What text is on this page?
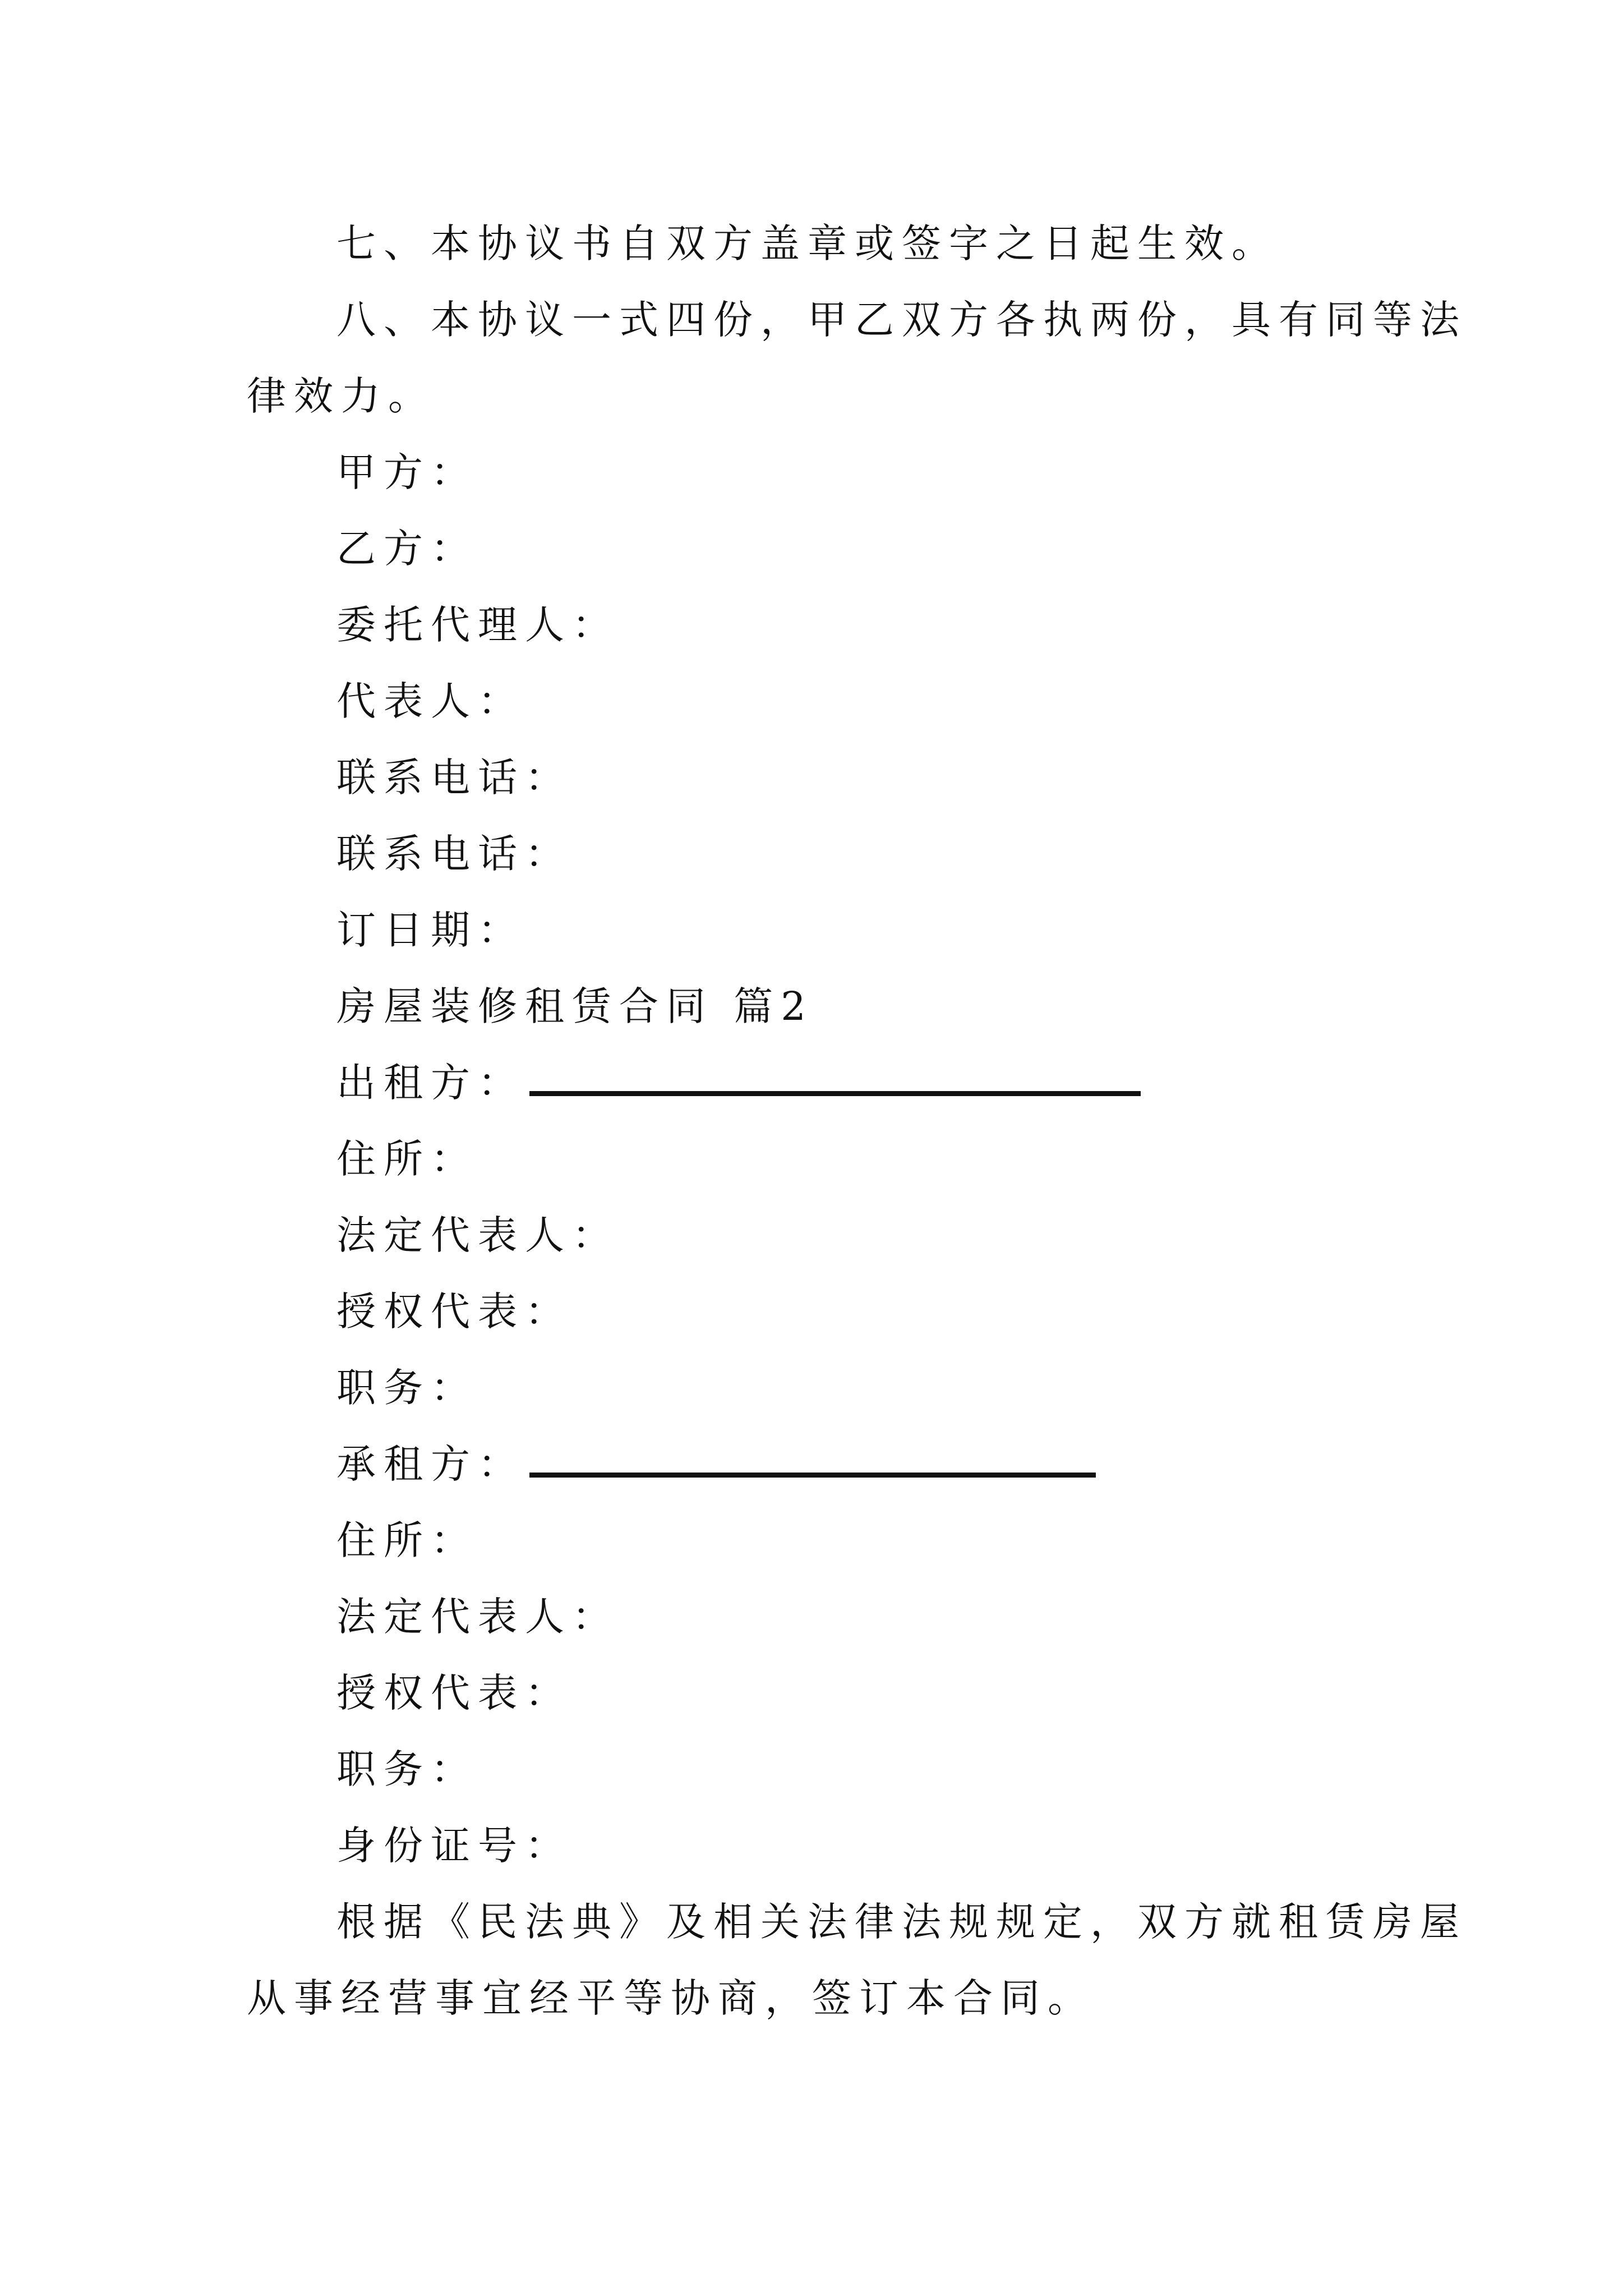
七、本协议书自双方盖章或签字之日起生效。
八、本协议一式四份，甲乙双方各执两份，具有同等法
律效力。
甲方：
乙方：
委托代理人：
代表人：
联系电话：
联系电话：
订日期：
房屋装修租赁合同 篇2
出租方：
住所：
法定代表人：
授权代表：
职务：
承租方：
住所：
法定代表人：
授权代表：
职务：
身份证号：
根据《民法典》及相关法律法规规定，双方就租赁房屋
从事经营事宜经平等协商，签订本合同。
